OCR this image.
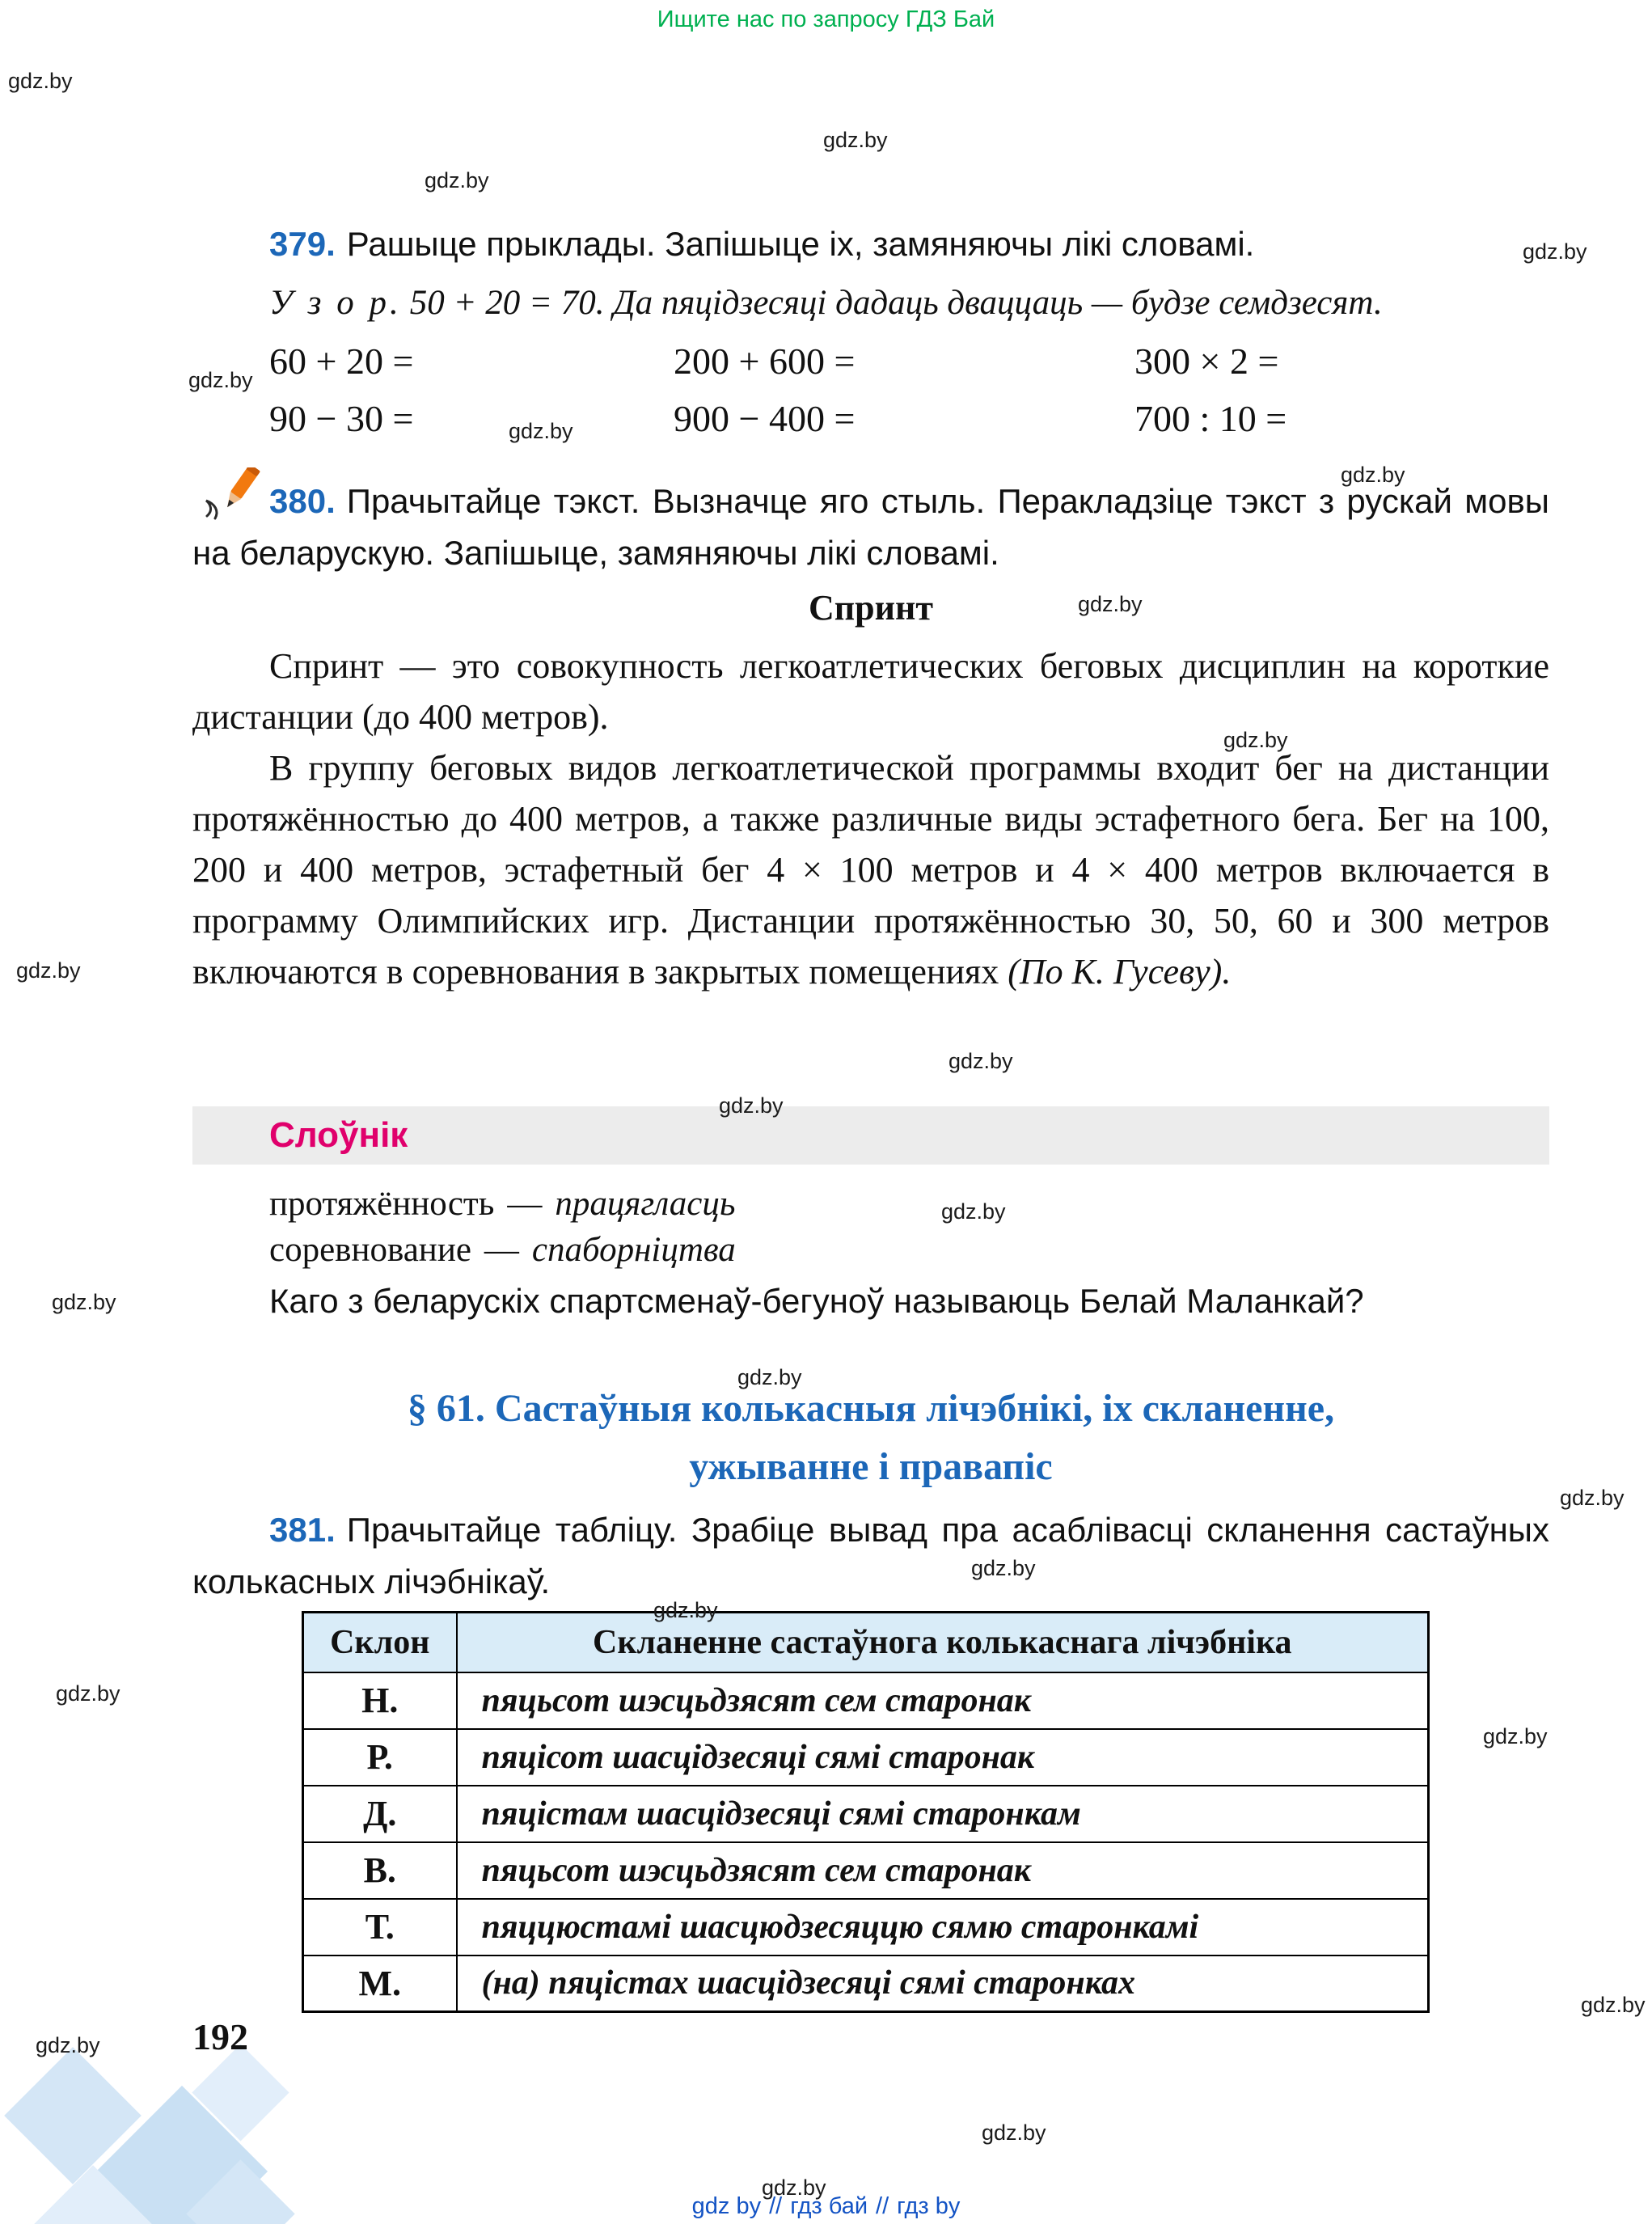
Ищите нас по запросу ГДЗ Бай
gdz.by
gdz.by
gdz.by
gdz.by
gdz.by
gdz.by
gdz.by
gdz.by
gdz.by
gdz.by
gdz.by
gdz.by
gdz.by
gdz.by
gdz.by
gdz.by
gdz.by
gdz.by
gdz.by
gdz.by
gdz.by
gdz.by
gdz.by
gdz.by
379. Рашыце прыклады. Запішыце іх, замяняючы лікі словамі.
У з о р. 50 + 20 = 70. Да пяцідзесяці дадаць дваццаць — будзе семдзесят.
60 + 20 =	200 + 600 =	300 × 2 =
90 − 30 =	900 − 400 =	700 : 10 =
380. Прачытайце тэкст. Вызначце яго стыль. Перакладзіце тэкст з рускай мовы на беларускую. Запішыце, замяняючы лікі словамі.
Спринт
Спринт — это совокупность легкоатлетических беговых дисциплин на короткие дистанции (до 400 метров).
В группу беговых видов легкоатлетической программы входит бег на дистанции протяжённостью до 400 метров, а также различные виды эстафетного бега. Бег на 100, 200 и 400 метров, эстафетный бег 4 × 100 метров и 4 × 400 метров включается в программу Олимпийских игр. Дистанции протяжённостью 30, 50, 60 и 300 метров включаются в соревнования в закрытых помещениях (По К. Гусеву).
Слоўнік
протяжённость — працягласць
соревнование — спаборніцтва
Каго з беларускіх спартсменаў-бегуноў называюць Белай Маланкай?
§ 61. Састаўныя колькасныя лічэбнікі, іх скланенне,
ужыванне і правапіс
381. Прачытайце табліцу. Зрабіце вывад пра асаблівасці скланення састаўных колькасных лічэбнікаў.
Склон	Скланенне састаўнога колькаснага лічэбніка
Н.	пяцьсот шэсцьдзясят сем старонак
Р.	пяцісот шасцідзесяці сямі старонак
Д.	пяцістам шасцідзесяці сямі старонкам
В.	пяцьсот шэсцьдзясят сем старонак
Т.	пяццюстамі шасцюдзесяццю сямю старонкамі
М.	(на) пяцістах шасцідзесяці сямі старонках
192
gdz by // гдз бай // гдз by
